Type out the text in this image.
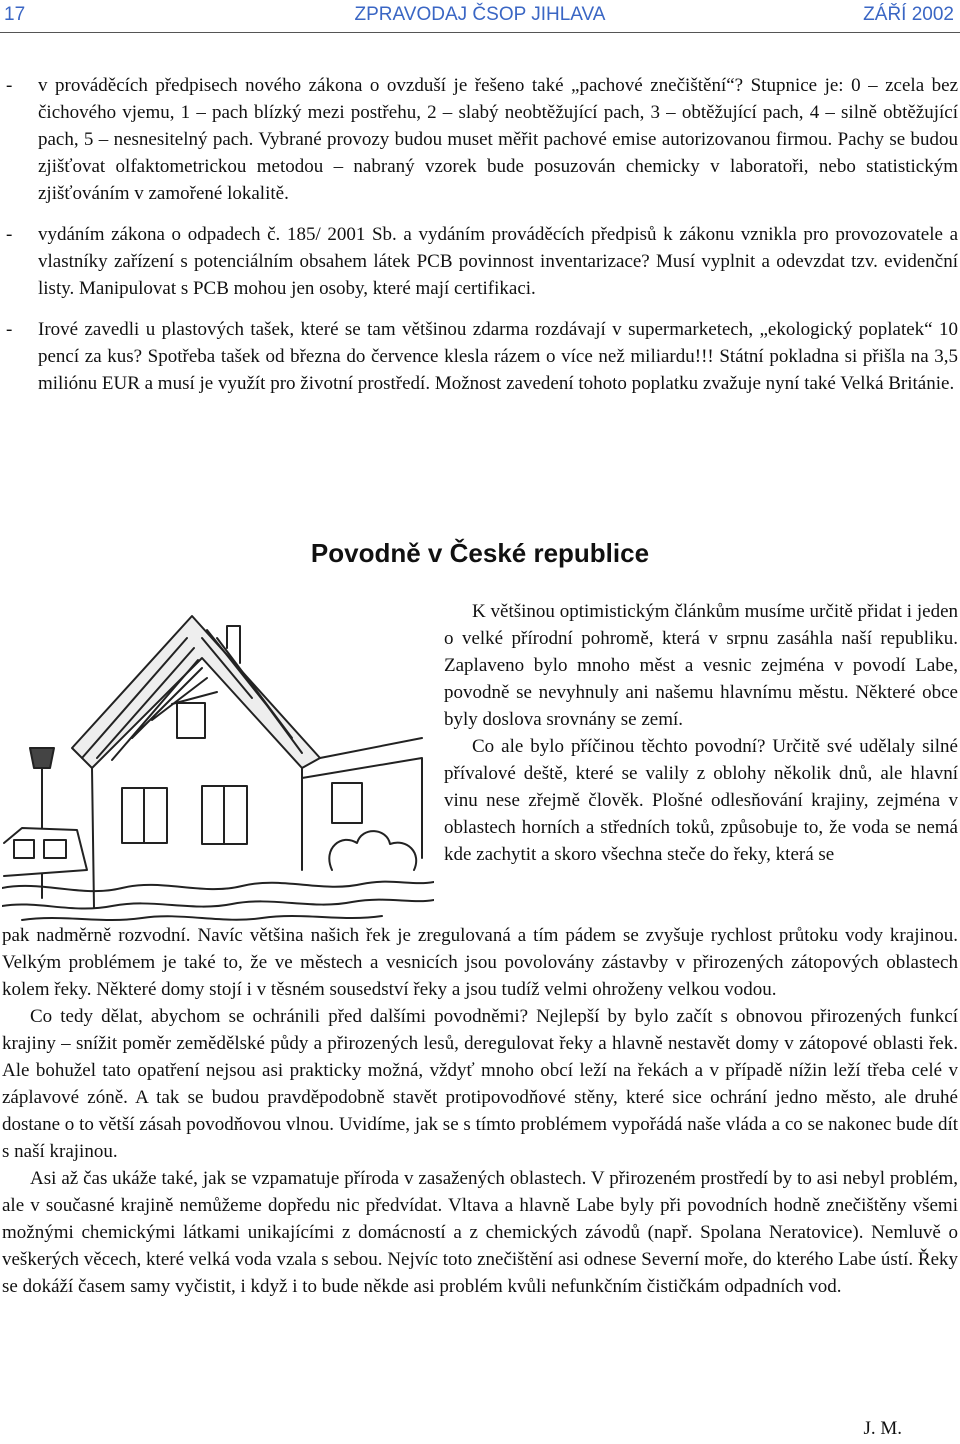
17	ZPRAVODAJ ČSOP JIHLAVA	ZÁŘÍ 2002
- v prováděcích předpisech nového zákona o ovzduší je řešeno také „pachové znečištění“? Stupnice je: 0 – zcela bez čichového vjemu, 1 – pach blízký mezi postřehu, 2 – slabý neobtěžující pach, 3 – obtěžující pach, 4 – silně obtěžující pach, 5 – nesnesitelný pach. Vybrané provozy budou muset měřit pachové emise autorizovanou firmou. Pachy se budou zjišťovat olfaktometrickou metodou – nabraný vzorek bude posuzován chemicky v laboratoři, nebo statistickým zjišťováním v zamořené lokalitě.
- vydáním zákona o odpadech č. 185/ 2001 Sb. a vydáním prováděcích předpisů k zákonu vznikla pro provozovatele a vlastníky zařízení s potenciálním obsahem látek PCB povinnost inventarizace? Musí vyplnit a odevzdat tzv. evidenční listy. Manipulovat s PCB mohou jen osoby, které mají certifikaci.
- Irové zavedli u plastových tašek, které se tam většinou zdarma rozdávají v supermarketech, „ekologický poplatek“ 10 pencí za kus? Spotřeba tašek od března do července klesla rázem o více než miliardu!!! Státní pokladna si přišla na 3,5 miliónu EUR a musí je využít pro životní prostředí. Možnost zavedení tohoto poplatku zvažuje nyní také Velká Británie.
Povodně v České republice

K většinou optimistickým článkům musíme určitě přidat i jeden o velké přírodní pohromě, která v srpnu zasáhla naší republiku. Zaplaveno bylo mnoho měst a vesnic zejména v povodí Labe, povodně se nevyhnuly ani našemu hlavnímu městu. Některé obce byly doslova srovnány se zemí.

Co ale bylo příčinou těchto povodní? Určitě své udělaly silné přívalové deště, které se valily z oblohy několik dnů, ale hlavní vinu nese zřejmě člověk. Plošné odlesňování krajiny, zejména v oblastech horních a středních toků, způsobuje to, že voda se nemá kde zachytit a skoro všechna steče do řeky, která se

pak nadměrně rozvodní. Navíc většina našich řek je zregulovaná a tím pádem se zvyšuje rychlost průtoku vody krajinou. Velkým problémem je také to, že ve městech a vesnicích jsou povolovány zástavby v přirozených zátopových oblastech kolem řeky. Některé domy stojí i v těsném sousedství řeky a jsou tudíž velmi ohroženy velkou vodou.

Co tedy dělat, abychom se ochránili před dalšími povodněmi? Nejlepší by bylo začít s obnovou přirozených funkcí krajiny – snížit poměr zemědělské půdy a přirozených lesů, deregulovat řeky a hlavně nestavět domy v zátopové oblasti řek. Ale bohužel tato opatření nejsou asi prakticky možná, vždyť mnoho obcí leží na řekách a v případě nížin leží třeba celé v záplavové zóně. A tak se budou pravděpodobně stavět protipovodňové stěny, které sice ochrání jedno město, ale druhé dostane o to větší zásah povodňovou vlnou. Uvidíme, jak se s tímto problémem vypořádá naše vláda a co se nakonec bude dít s naší krajinou.

Asi až čas ukáže také, jak se vzpamatuje příroda v zasažených oblastech. V přirozeném prostředí by to asi nebyl problém, ale v současné krajině nemůžeme dopředu nic předvídat. Vltava a hlavně Labe byly při povodních hodně znečištěny všemi možnými chemickými látkami unikajícími z domácností a z chemických závodů (např. Spolana Neratovice). Nemluvě o veškerých věcech, které velká voda vzala s sebou. Nejvíc toto znečištění asi odnese Severní moře, do kterého Labe ústí. Řeky se dokáží časem samy vyčistit, i když i to bude někde asi problém kvůli nefunkčním čističkám odpadních vod.

J. M.
